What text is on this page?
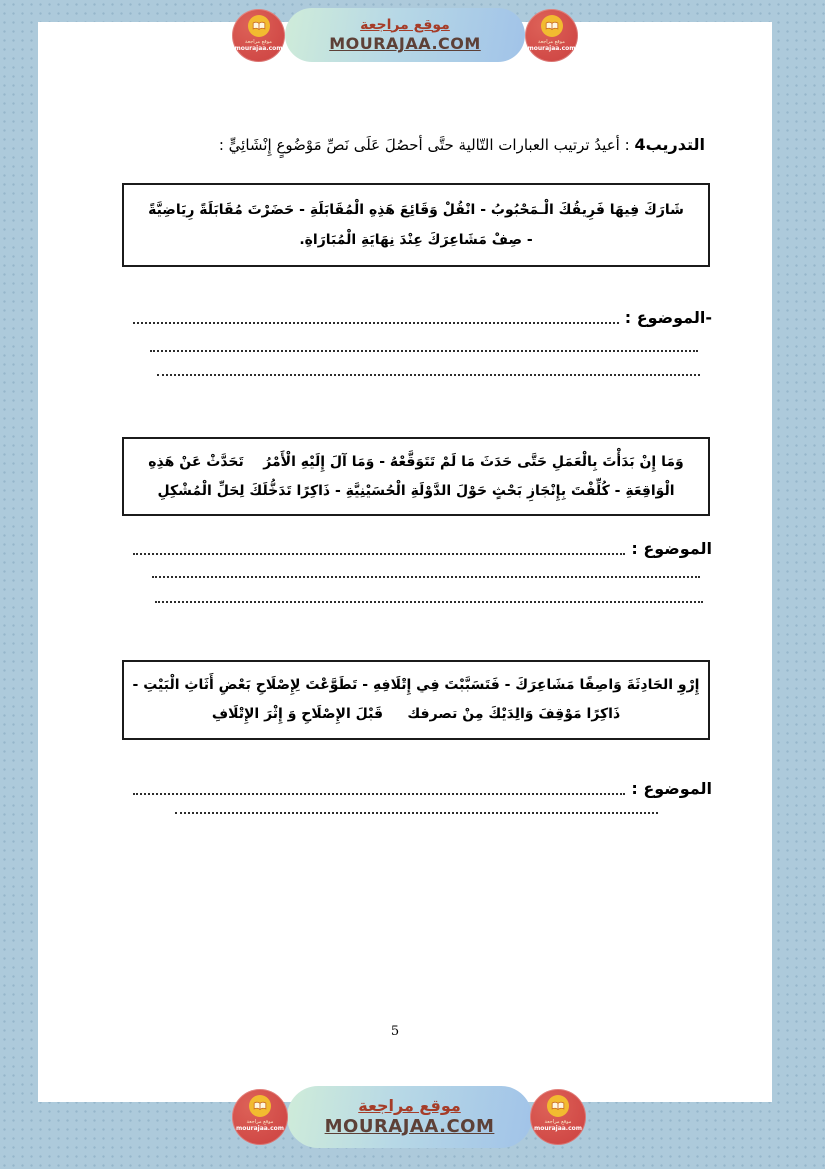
موقع مراجعة
MOURAJAA.COM
موقع مراجعة
mourajaa.com
موقع مراجعة
mourajaa.com
التدريب4 : أعيدُ ترتيب العبارات التّالية حتَّى أحصُلَ عَلَى نَصِّ مَوْضُوعٍ إِنْشَائِيٍّ :
شَارَكَ فِيهَا فَرِيقُكَ الْـمَحْبُوبُ - انْقُلْ وَقَائِعَ هَذِهِ الْمُقَابَلَةِ - حَضَرْتَ مُقَابَلَةً رِيَاضِيَّةً
- صِفْ مَشَاعِرَكَ عِنْدَ نِهَايَةِ الْمُبَارَاةِ.
-الموضوع :
وَمَا إِنْ بَدَأْتَ بِالْعَمَلِ حَتَّى حَدَثَ مَا لَمْ تَتَوَقَّعْهُ - وَمَا آلَ إِلَيْهِ الْأَمْرُ    تَحَدَّثْ عَنْ هَذِهِ
الْوَاقِعَةِ - كُلِّفْتَ بِإِنْجَازِ بَحْثٍ حَوْلَ الدَّوْلَةِ الْحُسَيْنِيَّةِ - ذَاكِرًا تَدَخُّلَكَ لِحَلِّ الْمُشْكِلِ
الموضوع :
إِرْوِ الحَادِثَةَ وَاصِفًا مَشَاعِرَكَ - فَتَسَبَّبْتَ فِي إِتْلَافِهِ - تَطَوَّعْتَ لِإِصْلَاحِ بَعْضِ أَثَاثِ الْبَيْتِ -
ذَاكِرًا مَوْقِفَ وَالِدَيْكَ مِنْ تصرفك     قَبْلَ الإِصْلَاحِ وَ إِثْرَ الإِتْلَافِ
الموضوع :
5
موقع مراجعة
MOURAJAA.COM
موقع مراجعة
mourajaa.com
موقع مراجعة
mourajaa.com
